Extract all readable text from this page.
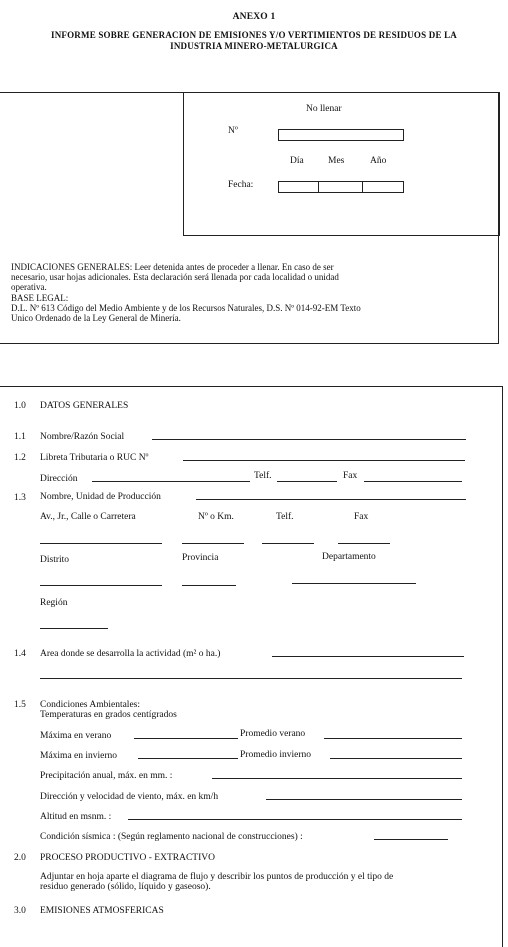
ANEXO 1
INFORME SOBRE GENERACION DE EMISIONES Y/O VERTIMIENTOS DE RESIDUOS DE LA
INDUSTRIA MINERO-METALURGICA
No llenar
Nº
Día	Mes	Año
Fecha:
INDICACIONES GENERALES: Leer detenida antes de proceder a llenar. En caso de ser
necesario, usar hojas adicionales. Esta declaración será llenada por cada localidad o unidad
operativa.
BASE LEGAL:
D.L. Nº 613 Código del Medio Ambiente y de los Recursos Naturales, D.S. Nº 014-92-EM Texto
Unico Ordenado de la Ley General de Minería.
1.0 DATOS GENERALES
1.1 Nombre/Razón Social
1.2 Libreta Tributaria o RUC Nº
Dirección	Telf.	Fax
1.3 Nombre, Unidad de Producción
Av., Jr., Calle o Carretera	Nº o Km.	Telf.	Fax
Distrito	Provincia	Departamento
Región
1.4 Area donde se desarrolla la actividad (m² o ha.)
1.5 Condiciones Ambientales:
Temperaturas en grados centígrados
Máxima en verano	Promedio verano
Máxima en invierno	Promedio invierno
Precipitación anual, máx. en mm. :
Dirección y velocidad de viento, máx. en km/h
Altitud en msnm. :
Condición sísmica : (Según reglamento nacional de construcciones) :
2.0 PROCESO PRODUCTIVO - EXTRACTIVO
Adjuntar en hoja aparte el diagrama de flujo y describir los puntos de producción y el tipo de
residuo generado (sólido, líquido y gaseoso).
3.0 EMISIONES ATMOSFERICAS
